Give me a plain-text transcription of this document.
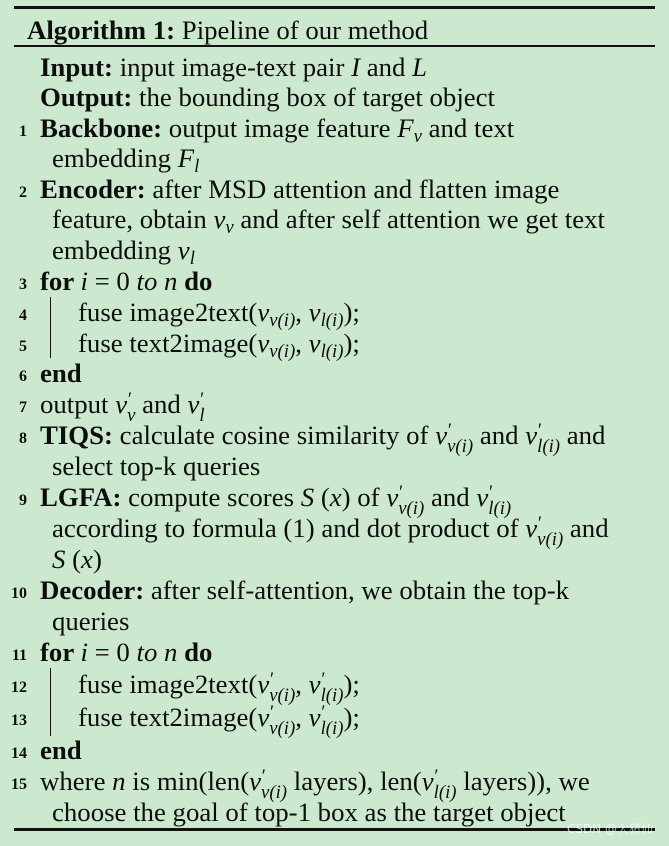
Algorithm 1: Pipeline of our method
Input: input image-text pair I and L
Output: the bounding box of target object
1 Backbone: output image feature Fv and text
embedding Fl
2 Encoder: after MSD attention and flatten image
feature, obtain vv and after self attention we get text
embedding vl
3 for i = 0 to n do
4 fuse image2text(vv(i), vl(i));
5 fuse text2image(vv(i), vl(i));
6 end
7 output v ′
v and v ′
l
8 TIQS: calculate cosine similarity of v ′
v(i) and v ′
l(i) and
select top-k queries
9 LGFA: compute scores S (x) of v ′
v(i) and v ′
l(i)
according to formula (1) and dot product of v ′
v(i) and
S (x)
10 Decoder: after self-attention, we obtain the top-k
queries
11 for i = 0 to n do
12 fuse image2text(v ′
v(i) , v ′
l(i) );
13 fuse text2image(v ′
v(i) , v ′
l(i) );
14 end
15 where n is min(len(v ′
v(i) layers), len(v ′
l(i) layers)), we
choose the goal of top-1 box as the target object
CSDN @大猪仙
